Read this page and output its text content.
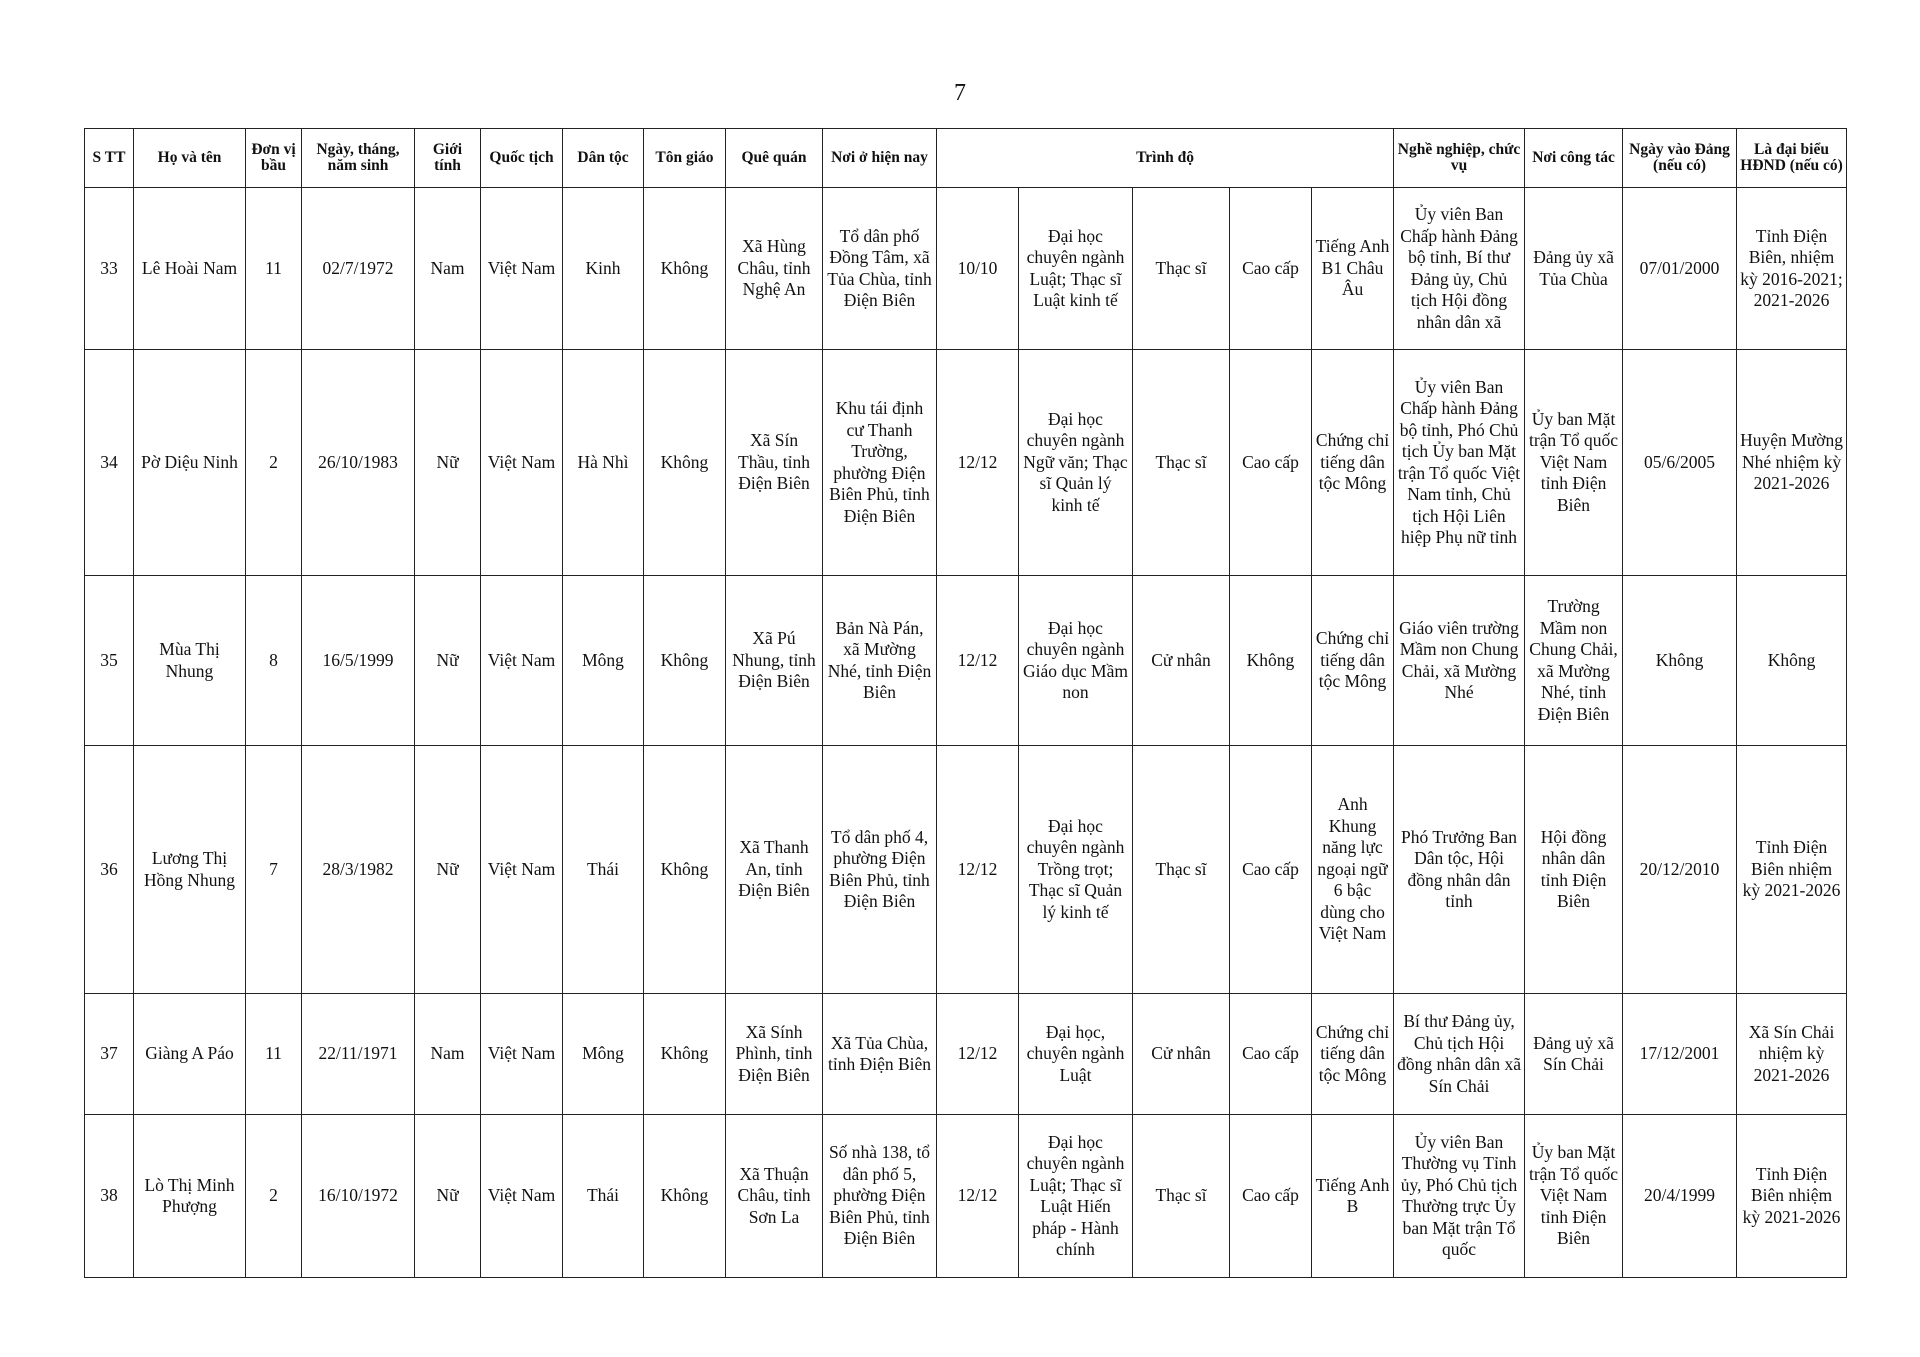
7
S TT	Họ và tên	Đơn vị bầu	Ngày, tháng, năm sinh	Giới tính	Quốc tịch	Dân tộc	Tôn giáo	Quê quán	Nơi ở hiện nay	Trình độ					Nghề nghiệp, chức vụ	Nơi công tác	Ngày vào Đảng (nếu có)	Là đại biểu HĐND (nếu có)
33	Lê Hoài Nam	11	02/7/1972	Nam	Việt Nam	Kinh	Không	Xã Hùng Châu, tỉnh Nghệ An	Tổ dân phố Đồng Tâm, xã Tủa Chùa, tỉnh Điện Biên	10/10	Đại học chuyên ngành Luật; Thạc sĩ Luật kinh tế	Thạc sĩ	Cao cấp	Tiếng Anh B1 Châu Âu	Ủy viên Ban Chấp hành Đảng bộ tỉnh, Bí thư Đảng ủy, Chủ tịch Hội đồng nhân dân xã	Đảng ủy xã Tủa Chùa	07/01/2000	Tỉnh Điện Biên, nhiệm kỳ 2016-2021; 2021-2026
34	Pờ Diệu Ninh	2	26/10/1983	Nữ	Việt Nam	Hà Nhì	Không	Xã Sín Thầu, tỉnh Điện Biên	Khu tái định cư Thanh Trường, phường Điện Biên Phủ, tỉnh Điện Biên	12/12	Đại học chuyên ngành Ngữ văn; Thạc sĩ Quản lý kinh tế	Thạc sĩ	Cao cấp	Chứng chỉ tiếng dân tộc Mông	Ủy viên Ban Chấp hành Đảng bộ tỉnh, Phó Chủ tịch Ủy ban Mặt trận Tổ quốc Việt Nam tỉnh, Chủ tịch Hội Liên hiệp Phụ nữ tỉnh	Ủy ban Mặt trận Tổ quốc Việt Nam tỉnh Điện Biên	05/6/2005	Huyện Mường Nhé nhiệm kỳ 2021-2026
35	Mùa Thị Nhung	8	16/5/1999	Nữ	Việt Nam	Mông	Không	Xã Pú Nhung, tỉnh Điện Biên	Bản Nà Pán, xã Mường Nhé, tỉnh Điện Biên	12/12	Đại học chuyên ngành Giáo dục Mầm non	Cử nhân	Không	Chứng chỉ tiếng dân tộc Mông	Giáo viên trường Mầm non Chung Chải, xã Mường Nhé	Trường Mầm non Chung Chải, xã Mường Nhé, tỉnh Điện Biên	Không	Không
36	Lương Thị Hồng Nhung	7	28/3/1982	Nữ	Việt Nam	Thái	Không	Xã Thanh An, tỉnh Điện Biên	Tổ dân phố 4, phường Điện Biên Phủ, tỉnh Điện Biên	12/12	Đại học chuyên ngành Trồng trọt; Thạc sĩ Quản lý kinh tế	Thạc sĩ	Cao cấp	Anh Khung năng lực ngoại ngữ 6 bậc dùng cho Việt Nam	Phó Trưởng Ban Dân tộc, Hội đồng nhân dân tỉnh	Hội đồng nhân dân tỉnh Điện Biên	20/12/2010	Tỉnh Điện Biên nhiệm kỳ 2021-2026
37	Giàng A Páo	11	22/11/1971	Nam	Việt Nam	Mông	Không	Xã Sính Phình, tỉnh Điện Biên	Xã Tủa Chùa, tỉnh Điện Biên	12/12	Đại học, chuyên ngành Luật	Cử nhân	Cao cấp	Chứng chỉ tiếng dân tộc Mông	Bí thư Đảng ủy, Chủ tịch Hội đồng nhân dân xã Sín Chải	Đảng uỷ xã Sín Chải	17/12/2001	Xã Sín Chải nhiệm kỳ 2021-2026
38	Lò Thị Minh Phượng	2	16/10/1972	Nữ	Việt Nam	Thái	Không	Xã Thuận Châu, tỉnh Sơn La	Số nhà 138, tổ dân phố 5, phường Điện Biên Phủ, tỉnh Điện Biên	12/12	Đại học chuyên ngành Luật; Thạc sĩ Luật Hiến pháp - Hành chính	Thạc sĩ	Cao cấp	Tiếng Anh B	Ủy viên Ban Thường vụ Tỉnh ủy, Phó Chủ tịch Thường trực Ủy ban Mặt trận Tổ quốc	Ủy ban Mặt trận Tổ quốc Việt Nam tỉnh Điện Biên	20/4/1999	Tỉnh Điện Biên nhiệm kỳ 2021-2026
